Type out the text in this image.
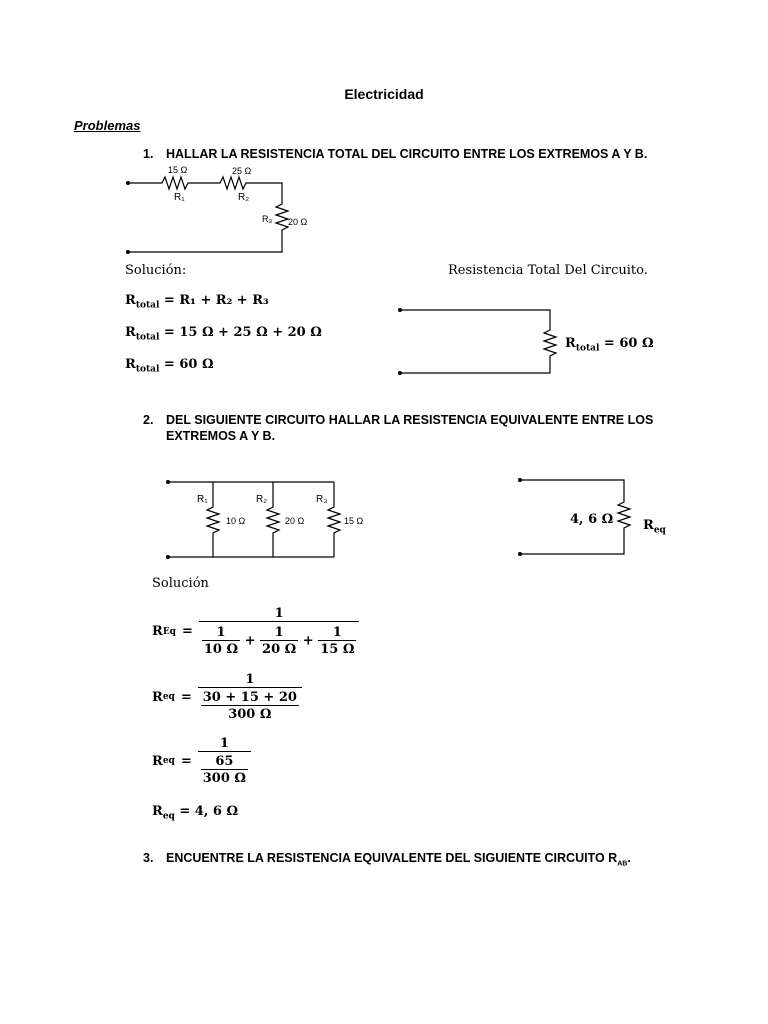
Electricidad
Problemas
1. HALLAR LA RESISTENCIA TOTAL DEL CIRCUITO ENTRE LOS EXTREMOS A Y B.
15 Ω
R₁
25 Ω
R₂
R₃ 20 Ω
Solución:	Resistencia Total Del Circuito.
$R_{total} = R_1 + R_2 + R_3$
$R_{total} = 15$ Ω + 25 Ω + 20 Ω
$R_{total} = 60$ Ω
$R_{total} = 60$ Ω
2. DEL SIGUIENTE CIRCUITO HALLAR LA RESISTENCIA EQUIVALENTE ENTRE LOS EXTREMOS A Y B.
R₁	R₂	R₃
10 Ω	20 Ω	15 Ω	4, 6 Ω $R_{eq}$
Solución
R $Eq = \frac{1}{\frac{1}{10 \Omega} + \frac{1}{20 \Omega} + \frac{1}{15 \Omega}}$
R eq = $\frac{1}{\frac{30 + 15 + 20}{300 \Omega}}$
R eq = $\frac{1}{\frac{65}{300 \Omega}}$
$R_{eq} = 4$, 6 Ω
3. ENCUENTRE LA RESISTENCIA EQUIVALENTE DEL SIGUIENTE CIRCUITO $R_{AB}$.
